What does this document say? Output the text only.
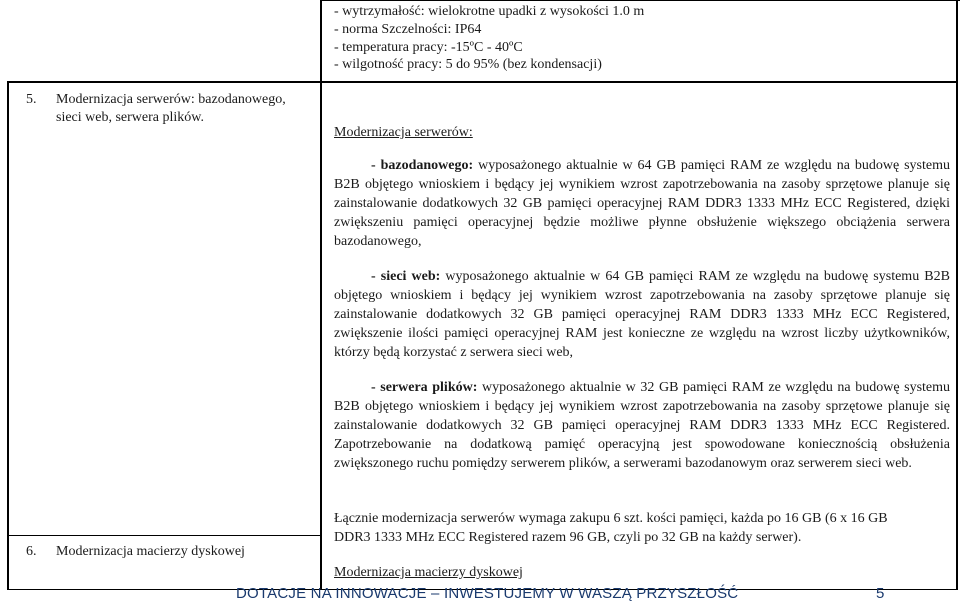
- wytrzymałość: wielokrotne upadki z wysokości 1.0 m
- norma Szczelności: IP64
- temperatura pracy: -15ºC - 40ºC
- wilgotność pracy: 5 do 95% (bez kondensacji)
5. Modernizacja serwerów: bazodanowego,
sieci web, serwera plików.
Modernizacja serwerów:

- bazodanowego: wyposażonego aktualnie w 64 GB pamięci RAM ze względu na budowę systemu B2B objętego wnioskiem i będący jej wynikiem wzrost zapotrzebowania na zasoby sprzętowe planuje się zainstalowanie dodatkowych 32 GB pamięci operacyjnej RAM DDR3 1333 MHz ECC Registered, dzięki zwiększeniu pamięci operacyjnej będzie możliwe płynne obsłużenie większego obciążenia serwera bazodanowego,

- sieci web: wyposażonego aktualnie w 64 GB pamięci RAM ze względu na budowę systemu B2B objętego wnioskiem i będący jej wynikiem wzrost zapotrzebowania na zasoby sprzętowe planuje się zainstalowanie dodatkowych 32 GB pamięci operacyjnej RAM DDR3 1333 MHz ECC Registered, zwiększenie ilości pamięci operacyjnej RAM jest konieczne ze względu na wzrost liczby użytkowników, którzy będą korzystać z serwera sieci web,

- serwera plików: wyposażonego aktualnie w 32 GB pamięci RAM ze względu na budowę systemu B2B objętego wnioskiem i będący jej wynikiem wzrost zapotrzebowania na zasoby sprzętowe planuje się zainstalowanie dodatkowych 32 GB pamięci operacyjnej RAM DDR3 1333 MHz ECC Registered. Zapotrzebowanie na dodatkową pamięć operacyjną jest spowodowane koniecznością obsłużenia zwiększonego ruchu pomiędzy serwerem plików, a serwerami bazodanowym oraz serwerem sieci web.

Łącznie modernizacja serwerów wymaga zakupu 6 szt. kości pamięci, każda po 16 GB (6 x 16 GB DDR3 1333 MHz ECC Registered razem 96 GB, czyli po 32 GB na każdy serwer).

6. Modernizacja macierzy dyskowej
Modernizacja macierzy dyskowej
DOTACJE NA INNOWACJE – INWESTUJEMY W WASZĄ PRZYSZŁOŚĆ	5
